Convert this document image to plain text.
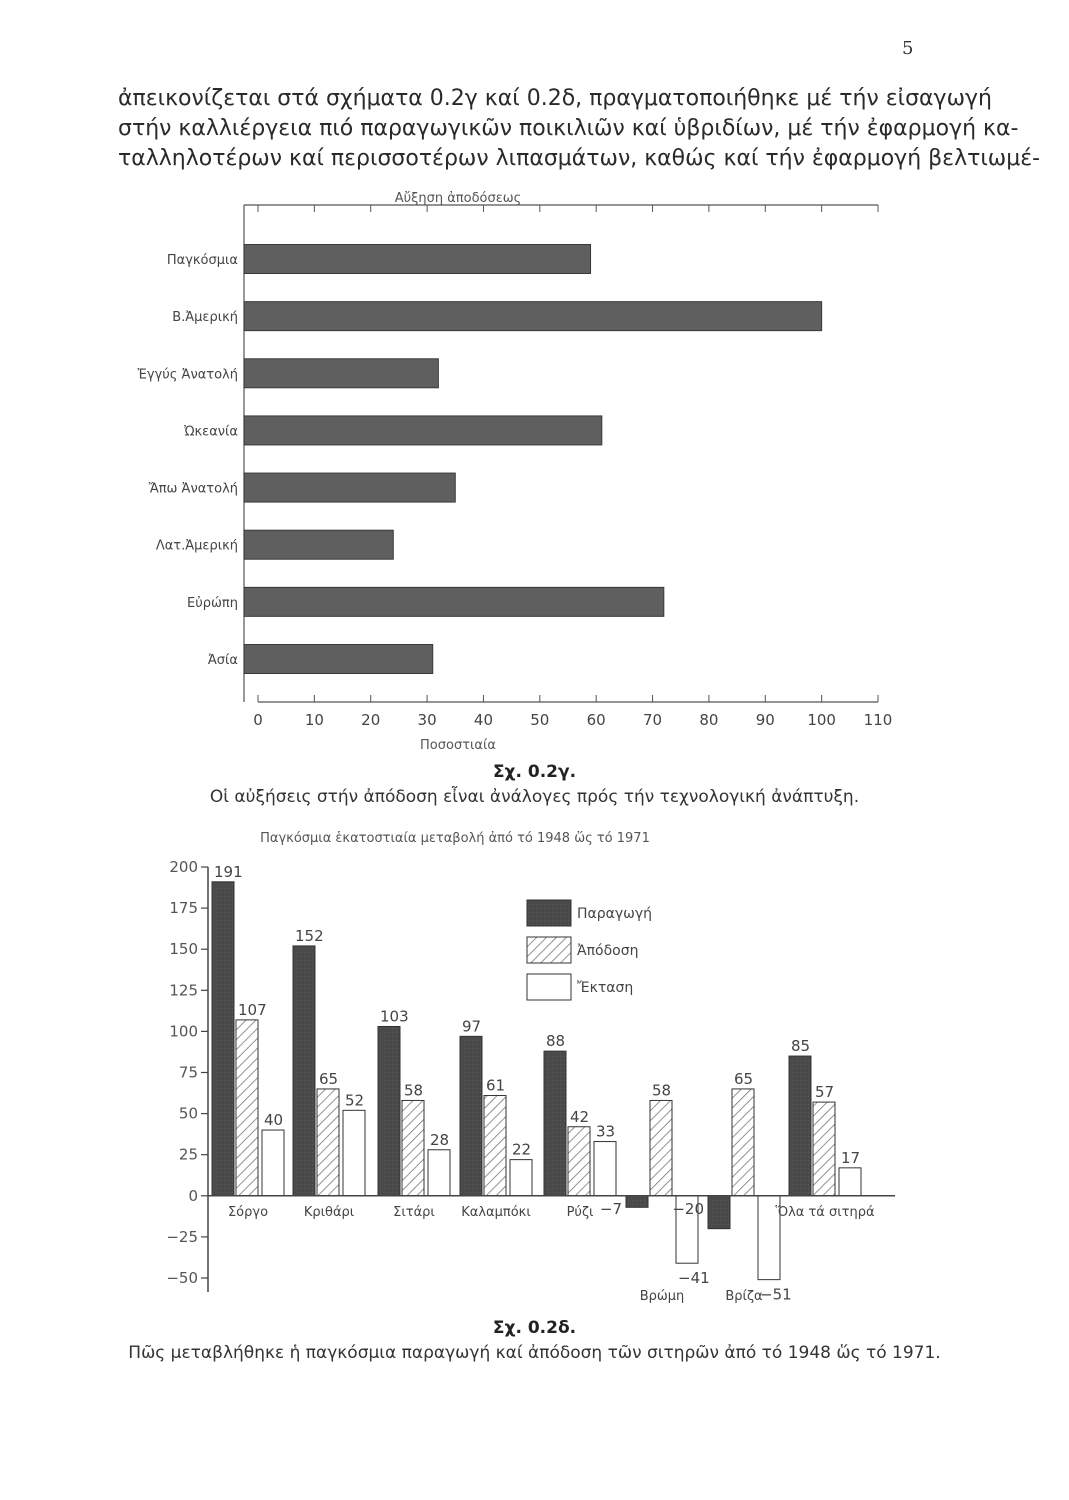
5

ἀπεικονίζεται στά σχήματα 0.2γ καί 0.2δ, πραγματοποιήθηκε μέ τήν εἰσαγωγή
στήν καλλιέργεια πιό παραγωγικῶν ποικιλιῶν καί ὑβριδίων, μέ τήν ἐφαρμογή κα-
ταλληλοτέρων καί περισσοτέρων λιπασμάτων, καθώς καί τήν ἐφαρμογή βελτιωμέ-

Αὔξηση ἀποδόσεως
0	10 20 30 40 50 60 70 80 90 100 110
Ποσοστιαία
Παγκόσμια
Β.Ἀμερική
Ἐγγύς Ἀνατολή
Ὠκεανία
Ἄπω Ἀνατολή
Λατ.Ἀμερική
Εὐρώπη
Ἀσία
Σχ. 0.2γ.
Οἱ αὐξήσεις στήν ἀπόδοση εἶναι ἀνάλογες πρός τήν τεχνολογική ἀνάπτυξη.
Παγκόσμια ἑκατοστιαία μεταβολή ἀπό τό 1948 ὥς τό 1971
200
175
150
125
100
75
50
25
0
−25
−50
191
107
40
152
65
52
103
58
28
97
61
22
88
42
33
−7
58
−41
−20
65
−51
85
57
17
Σόργο	Κριθάρι	Σιτάρι Καλαμπόκι	Ρύζι
Βρώμη	Βρίζα
Ὅλα τά σιτηρά
Παραγωγή
Ἀπόδοση
Ἔκταση
Σχ. 0.2δ.
Πῶς μεταβλήθηκε ἡ παγκόσμια παραγωγή καί ἀπόδοση τῶν σιτηρῶν ἀπό τό 1948 ὥς τό 1971.
